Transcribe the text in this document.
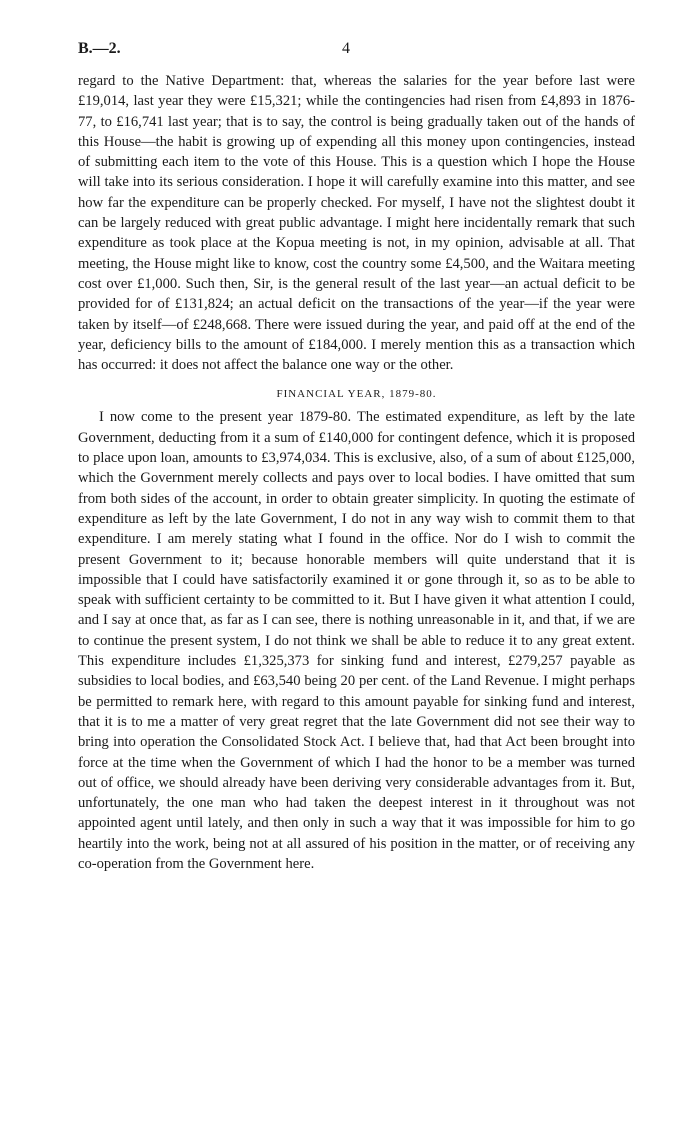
B.—2.	4

regard to the Native Department: that, whereas the salaries for the year before last were £19,014, last year they were £15,321; while the contingencies had risen from £4,893 in 1876-77, to £16,741 last year; that is to say, the control is being gradually taken out of the hands of this House—the habit is growing up of expending all this money upon contingencies, instead of submitting each item to the vote of this House. This is a question which I hope the House will take into its serious consideration. I hope it will carefully examine into this matter, and see how far the expenditure can be properly checked. For myself, I have not the slightest doubt it can be largely reduced with great public advantage. I might here incidentally remark that such expenditure as took place at the Kopua meeting is not, in my opinion, advisable at all. That meeting, the House might like to know, cost the country some £4,500, and the Waitara meeting cost over £1,000. Such then, Sir, is the general result of the last year—an actual deficit to be provided for of £131,824; an actual deficit on the transactions of the year—if the year were taken by itself—of £248,668. There were issued during the year, and paid off at the end of the year, deficiency bills to the amount of £184,000. I merely mention this as a transaction which has occurred: it does not affect the balance one way or the other.

FINANCIAL YEAR, 1879-80.

I now come to the present year 1879-80. The estimated expenditure, as left by the late Government, deducting from it a sum of £140,000 for contingent defence, which it is proposed to place upon loan, amounts to £3,974,034. This is exclusive, also, of a sum of about £125,000, which the Government merely collects and pays over to local bodies. I have omitted that sum from both sides of the account, in order to obtain greater simplicity. In quoting the estimate of expenditure as left by the late Government, I do not in any way wish to commit them to that expenditure. I am merely stating what I found in the office. Nor do I wish to commit the present Government to it; because honorable members will quite understand that it is impossible that I could have satisfactorily examined it or gone through it, so as to be able to speak with sufficient certainty to be committed to it. But I have given it what attention I could, and I say at once that, as far as I can see, there is nothing unreasonable in it, and that, if we are to continue the present system, I do not think we shall be able to reduce it to any great extent. This expenditure includes £1,325,373 for sinking fund and interest, £279,257 payable as subsidies to local bodies, and £63,540 being 20 per cent. of the Land Revenue. I might perhaps be permitted to remark here, with regard to this amount payable for sinking fund and interest, that it is to me a matter of very great regret that the late Government did not see their way to bring into operation the Consolidated Stock Act. I believe that, had that Act been brought into force at the time when the Government of which I had the honor to be a member was turned out of office, we should already have been deriving very considerable advantages from it. But, unfortunately, the one man who had taken the deepest interest in it throughout was not appointed agent until lately, and then only in such a way that it was impossible for him to go heartily into the work, being not at all assured of his position in the matter, or of receiving any co-operation from the Government here.
